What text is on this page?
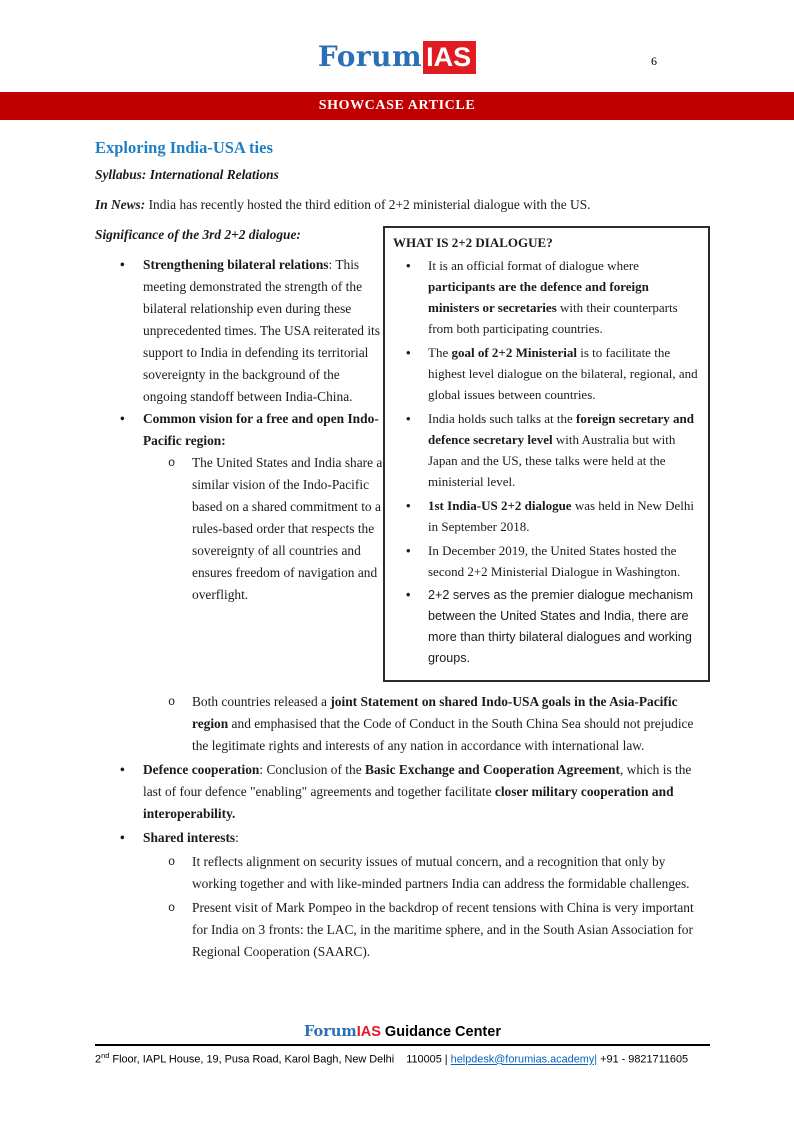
Forum IAS	6
SHOWCASE ARTICLE
Exploring India-USA ties

Syllabus: International Relations

In News: India has recently hosted the third edition of 2+2 ministerial dialogue with the US.

Significance of the 3rd 2+2 dialogue:

• Strengthening bilateral relations: This meeting demonstrated the strength of the bilateral relationship even during these unprecedented times. The USA reiterated its support to India in defending its territorial sovereignty in the background of the ongoing standoff between India-China.
• Common vision for a free and open Indo-Pacific region:
o The United States and India share a similar vision of the Indo-Pacific based on a shared commitment to a rules-based order that respects the sovereignty of all countries and ensures freedom of navigation and overflight.
WHAT IS 2+2 DIALOGUE?
• It is an official format of dialogue where participants are the defence and foreign ministers or secretaries with their counterparts from both participating countries.
• The goal of 2+2 Ministerial is to facilitate the highest level dialogue on the bilateral, regional, and global issues between countries.
• India holds such talks at the foreign secretary and defence secretary level with Australia but with Japan and the US, these talks were held at the ministerial level.
• 1st India-US 2+2 dialogue was held in New Delhi in September 2018.
• In December 2019, the United States hosted the second 2+2 Ministerial Dialogue in Washington.
• 2+2 serves as the premier dialogue mechanism between the United States and India, there are more than thirty bilateral dialogues and working groups.
o Both countries released a joint Statement on shared Indo-USA goals in the Asia-Pacific region and emphasised that the Code of Conduct in the South China Sea should not prejudice the legitimate rights and interests of any nation in accordance with international law.
• Defence cooperation: Conclusion of the Basic Exchange and Cooperation Agreement, which is the last of four defence "enabling" agreements and together facilitate closer military cooperation and interoperability.
• Shared interests:
o It reflects alignment on security issues of mutual concern, and a recognition that only by working together and with like-minded partners India can address the formidable challenges.
o Present visit of Mark Pompeo in the backdrop of recent tensions with China is very important for India on 3 fronts: the LAC, in the maritime sphere, and in the South Asian Association for Regional Cooperation (SAARC).
ForumIAS Guidance Center
2nd Floor, IAPL House, 19, Pusa Road, Karol Bagh, New Delhi    110005 | helpdesk@forumias.academy| +91 - 9821711605
